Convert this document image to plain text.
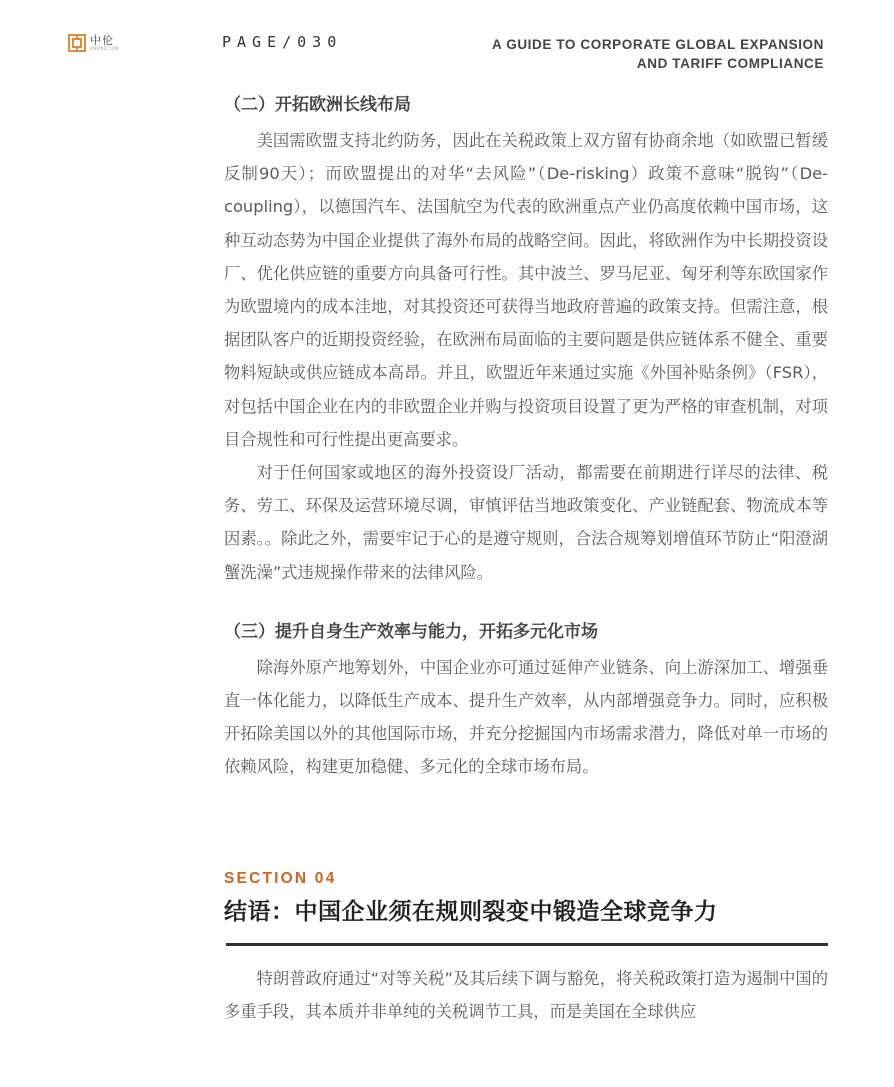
中伦
ZHONG LUN	PAGE/030	A GUIDE TO CORPORATE GLOBAL EXPANSION
AND TARIFF COMPLIANCE
（二）开拓欧洲长线布局

美国需欧盟支持北约防务，因此在关税政策上双方留有协商余地（如欧盟已暂缓反制90天）；而欧盟提出的对华“去风险”（De-risking）政策不意味“脱钩”（De-coupling），以德国汽车、法国航空为代表的欧洲重点产业仍高度依赖中国市场，这种互动态势为中国企业提供了海外布局的战略空间。因此，将欧洲作为中长期投资设厂、优化供应链的重要方向具备可行性。其中波兰、罗马尼亚、匈牙利等东欧国家作为欧盟境内的成本洼地，对其投资还可获得当地政府普遍的政策支持。但需注意，根据团队客户的近期投资经验，在欧洲布局面临的主要问题是供应链体系不健全、重要物料短缺或供应链成本高昂。并且，欧盟近年来通过实施《外国补贴条例》（FSR），对包括中国企业在内的非欧盟企业并购与投资项目设置了更为严格的审查机制，对项目合规性和可行性提出更高要求。

对于任何国家或地区的海外投资设厂活动，都需要在前期进行详尽的法律、税务、劳工、环保及运营环境尽调，审慎评估当地政策变化、产业链配套、物流成本等因素。。除此之外，需要牢记于心的是遵守规则，合法合规筹划增值环节防止“阳澄湖蟹洗澡”式违规操作带来的法律风险。

（三）提升自身生产效率与能力，开拓多元化市场

除海外原产地筹划外，中国企业亦可通过延伸产业链条、向上游深加工、增强垂直一体化能力，以降低生产成本、提升生产效率，从内部增强竞争力。同时，应积极开拓除美国以外的其他国际市场，并充分挖掘国内市场需求潜力，降低对单一市场的依赖风险，构建更加稳健、多元化的全球市场布局。

SECTION 04
结语：中国企业须在规则裂变中锻造全球竞争力

特朗普政府通过“对等关税”及其后续下调与豁免，将关税政策打造为遏制中国的多重手段，其本质并非单纯的关税调节工具，而是美国在全球供应
